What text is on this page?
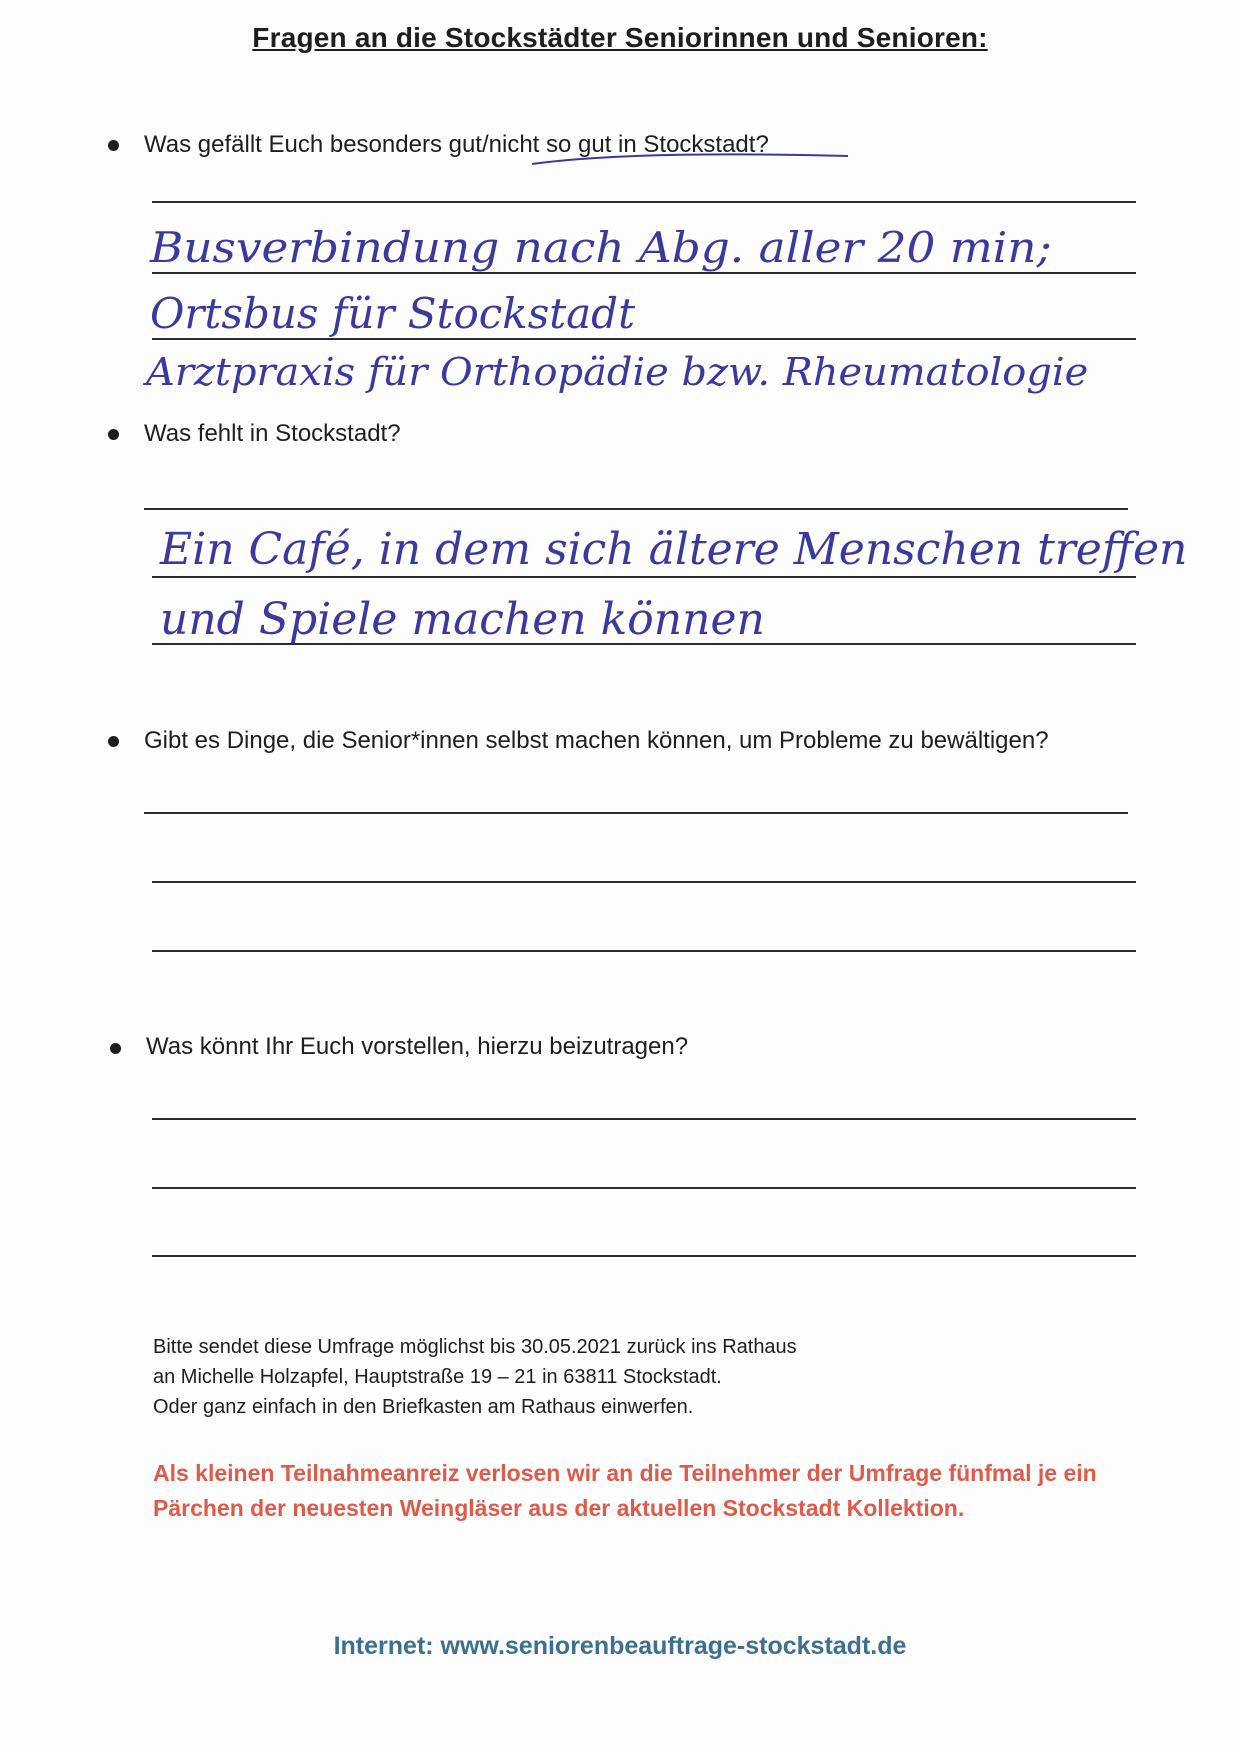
Fragen an die Stockstädter Seniorinnen und Senioren:
Was gefällt Euch besonders gut/nicht so gut in Stockstadt?
Busverbindung nach Abg. aller 20 min;
Ortsbus für Stockstadt
Arztpraxis für Orthopädie bzw. Rheumatologie
Was fehlt in Stockstadt?
Ein Café, in dem sich ältere Menschen treffen
und Spiele machen können
Gibt es Dinge, die Senior*innen selbst machen können, um Probleme zu bewältigen?
Was könnt Ihr Euch vorstellen, hierzu beizutragen?
Bitte sendet diese Umfrage möglichst bis 30.05.2021 zurück ins Rathaus
an Michelle Holzapfel, Hauptstraße 19 – 21 in 63811 Stockstadt.
Oder ganz einfach in den Briefkasten am Rathaus einwerfen.
Als kleinen Teilnahmeanreiz verlosen wir an die Teilnehmer der Umfrage fünfmal je ein Pärchen der neuesten Weingläser aus der aktuellen Stockstadt Kollektion.
Internet: www.seniorenbeauftrage-stockstadt.de
